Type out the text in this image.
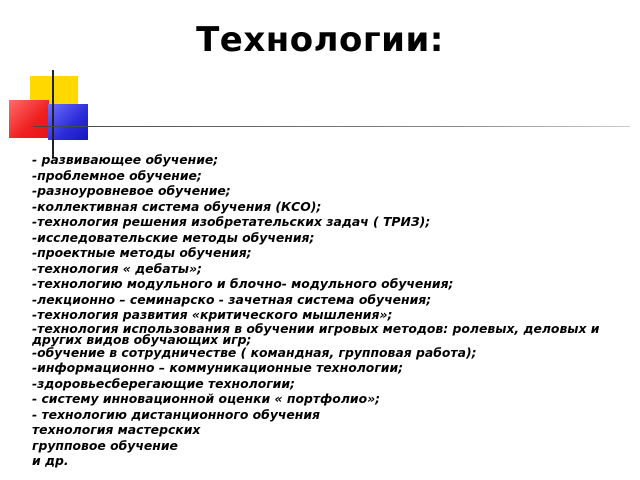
Технологии:
- развивающее обучение;
-проблемное обучение;
-разноуровневое обучение;
-коллективная система обучения (КСО);
-технология решения изобретательских задач ( ТРИЗ);
-исследовательские методы обучения;
-проектные методы обучения;
-технология « дебаты»;
-технологию модульного и блочно- модульного обучения;
-лекционно – семинарско - зачетная система обучения;
-технология развития «критического мышления»;
-технология использования в обучении игровых методов: ролевых, деловых и других видов обучающих игр;
-обучение в сотрудничестве ( командная, групповая работа);
-информационно – коммуникационные технологии;
-здоровьесберегающие технологии;
- систему инновационной оценки « портфолио»;
- технологию дистанционного обучения
технология мастерских
групповое обучение
и др.
